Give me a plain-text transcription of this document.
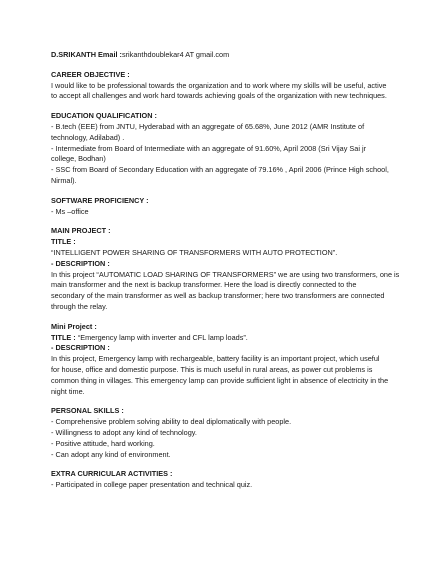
D.SRIKANTH Email :srikanthdoublekar4 AT gmail.com
CAREER OBJECTIVE :
I would like to be professional towards the organization and to work where my skills will be useful, active
to accept all challenges and work hard towards achieving goals of the organization with new techniques.
EDUCATION QUALIFICATION :
- B.tech (EEE) from JNTU, Hyderabad with an aggregate of 65.68%, June 2012 (AMR Institute of
technology, Adilabad) .
- Intermediate from Board of Intermediate with an aggregate of 91.60%, April 2008 (Sri Vijay Sai jr
college, Bodhan)
- SSC from Board of Secondary Education with an aggregate of 79.16% , April 2006 (Prince High school,
Nirmal).
SOFTWARE PROFICIENCY :
- Ms –office
MAIN PROJECT :
TITLE :
“INTELLIGENT POWER SHARING OF TRANSFORMERS WITH AUTO PROTECTION”.
- DESCRIPTION :
In this project “AUTOMATIC LOAD SHARING OF TRANSFORMERS” we are using two transformers, one is
main transformer and the next is backup transformer. Here the load is directly connected to the
secondary of the main transformer as well as backup transformer; here two transformers are connected
through the relay.
Mini Project :
TITLE : “Emergency lamp with inverter and CFL lamp loads”.
- DESCRIPTION :
In this project, Emergency lamp with rechargeable, battery facility is an important project, which useful
for house, office and domestic purpose. This is much useful in rural areas, as power cut problems is
common thing in villages. This emergency lamp can provide sufficient light in absence of electricity in the
night time.
PERSONAL SKILLS :
- Comprehensive problem solving ability to deal diplomatically with people.
- Willingness to adopt any kind of technology.
- Positive attitude, hard working.
- Can adopt any kind of environment.
EXTRA CURRICULAR ACTIVITIES :
- Participated in college paper presentation and technical quiz.
